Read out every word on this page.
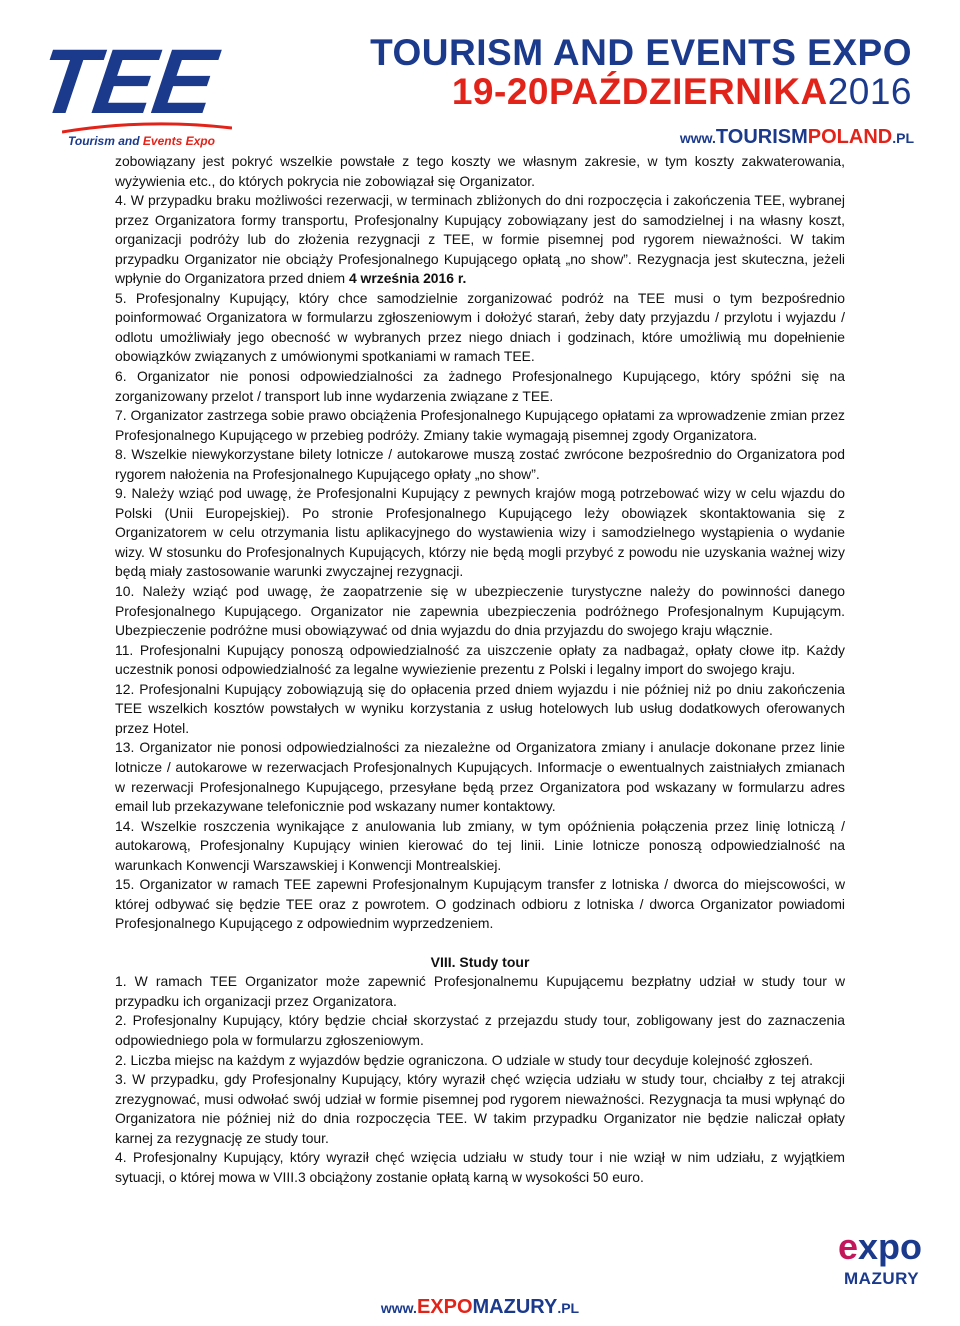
TEE
Tourism and Events Expo
TOURISM AND EVENTS EXPO
19-20PAŹDZIERNIKA2016
www.TOURISMPOLAND.PL

zobowiązany jest pokryć wszelkie powstałe z tego koszty we własnym zakresie, w tym koszty zakwaterowania, wyżywienia etc., do których pokrycia nie zobowiązał się Organizator.

4. W przypadku braku możliwości rezerwacji, w terminach zbliżonych do dni rozpoczęcia i zakończenia TEE, wybranej przez Organizatora formy transportu, Profesjonalny Kupujący zobowiązany jest do samodzielnej i na własny koszt, organizacji podróży lub do złożenia rezygnacji z TEE, w formie pisemnej pod rygorem nieważności. W takim przypadku Organizator nie obciąży Profesjonalnego Kupującego opłatą „no show”. Rezygnacja jest skuteczna, jeżeli wpłynie do Organizatora przed dniem 4 września 2016 r.

5. Profesjonalny Kupujący, który chce samodzielnie zorganizować podróż na TEE musi o tym bezpośrednio poinformować Organizatora w formularzu zgłoszeniowym i dołożyć starań, żeby daty przyjazdu / przylotu i wyjazdu / odlotu umożliwiały jego obecność w wybranych przez niego dniach i godzinach, które umożliwią mu dopełnienie obowiązków związanych z umówionymi spotkaniami w ramach TEE.

6. Organizator nie ponosi odpowiedzialności za żadnego Profesjonalnego Kupującego, który spóźni się na zorganizowany przelot / transport lub inne wydarzenia związane z TEE.

7. Organizator zastrzega sobie prawo obciążenia Profesjonalnego Kupującego opłatami za wprowadzenie zmian przez Profesjonalnego Kupującego w przebieg podróży. Zmiany takie wymagają pisemnej zgody Organizatora.

8. Wszelkie niewykorzystane bilety lotnicze / autokarowe muszą zostać zwrócone bezpośrednio do Organizatora pod rygorem nałożenia na Profesjonalnego Kupującego opłaty „no show”.

9. Należy wziąć pod uwagę, że Profesjonalni Kupujący z pewnych krajów mogą potrzebować wizy w celu wjazdu do Polski (Unii Europejskiej). Po stronie Profesjonalnego Kupującego leży obowiązek skontaktowania się z Organizatorem w celu otrzymania listu aplikacyjnego do wystawienia wizy i samodzielnego wystąpienia o wydanie wizy. W stosunku do Profesjonalnych Kupujących, którzy nie będą mogli przybyć z powodu nie uzyskania ważnej wizy będą miały zastosowanie warunki zwyczajnej rezygnacji.

10. Należy wziąć pod uwagę, że zaopatrzenie się w ubezpieczenie turystyczne należy do powinności danego Profesjonalnego Kupującego. Organizator nie zapewnia ubezpieczenia podróżnego Profesjonalnym Kupującym. Ubezpieczenie podróżne musi obowiązywać od dnia wyjazdu do dnia przyjazdu do swojego kraju włącznie.

11. Profesjonalni Kupujący ponoszą odpowiedzialność za uiszczenie opłaty za nadbagaż, opłaty cłowe itp. Każdy uczestnik ponosi odpowiedzialność za legalne wywiezienie prezentu z Polski i legalny import do swojego kraju.

12. Profesjonalni Kupujący zobowiązują się do opłacenia przed dniem wyjazdu i nie później niż po dniu zakończenia TEE wszelkich kosztów powstałych w wyniku korzystania z usług hotelowych lub usług dodatkowych oferowanych przez Hotel.

13. Organizator nie ponosi odpowiedzialności za niezależne od Organizatora zmiany i anulacje dokonane przez linie lotnicze / autokarowe w rezerwacjach Profesjonalnych Kupujących. Informacje o ewentualnych zaistniałych zmianach w rezerwacji Profesjonalnego Kupującego, przesyłane będą przez Organizatora pod wskazany w formularzu adres email lub przekazywane telefonicznie pod wskazany numer kontaktowy.

14. Wszelkie roszczenia wynikające z anulowania lub zmiany, w tym opóźnienia połączenia przez linię lotniczą / autokarową, Profesjonalny Kupujący winien kierować do tej linii. Linie lotnicze ponoszą odpowiedzialność na warunkach Konwencji Warszawskiej i Konwencji Montrealskiej.

15. Organizator w ramach TEE zapewni Profesjonalnym Kupującym transfer z lotniska / dworca do miejscowości, w której odbywać się będzie TEE oraz z powrotem. O godzinach odbioru z lotniska / dworca Organizator powiadomi Profesjonalnego Kupującego z odpowiednim wyprzedzeniem.

VIII. Study tour

1. W ramach TEE Organizator może zapewnić Profesjonalnemu Kupującemu bezpłatny udział w study tour w przypadku ich organizacji przez Organizatora.

2. Profesjonalny Kupujący, który będzie chciał skorzystać z przejazdu study tour, zobligowany jest do zaznaczenia odpowiedniego pola w formularzu zgłoszeniowym.

2. Liczba miejsc na każdym z wyjazdów będzie ograniczona. O udziale w study tour decyduje kolejność zgłoszeń.

3. W przypadku, gdy Profesjonalny Kupujący, który wyraził chęć wzięcia udziału w study tour, chciałby z tej atrakcji zrezygnować, musi odwołać swój udział w formie pisemnej pod rygorem nieważności. Rezygnacja ta musi wpłynąć do Organizatora nie później niż do dnia rozpoczęcia TEE. W takim przypadku Organizator nie będzie naliczał opłaty karnej za rezygnację ze study tour.

4. Profesjonalny Kupujący, który wyraził chęć wzięcia udziału w study tour i nie wziął w nim udziału, z wyjątkiem sytuacji, o której mowa w VIII.3 obciążony zostanie opłatą karną w wysokości 50 euro.

expo
MAZURY
www.EXPOMAZURY.PL
